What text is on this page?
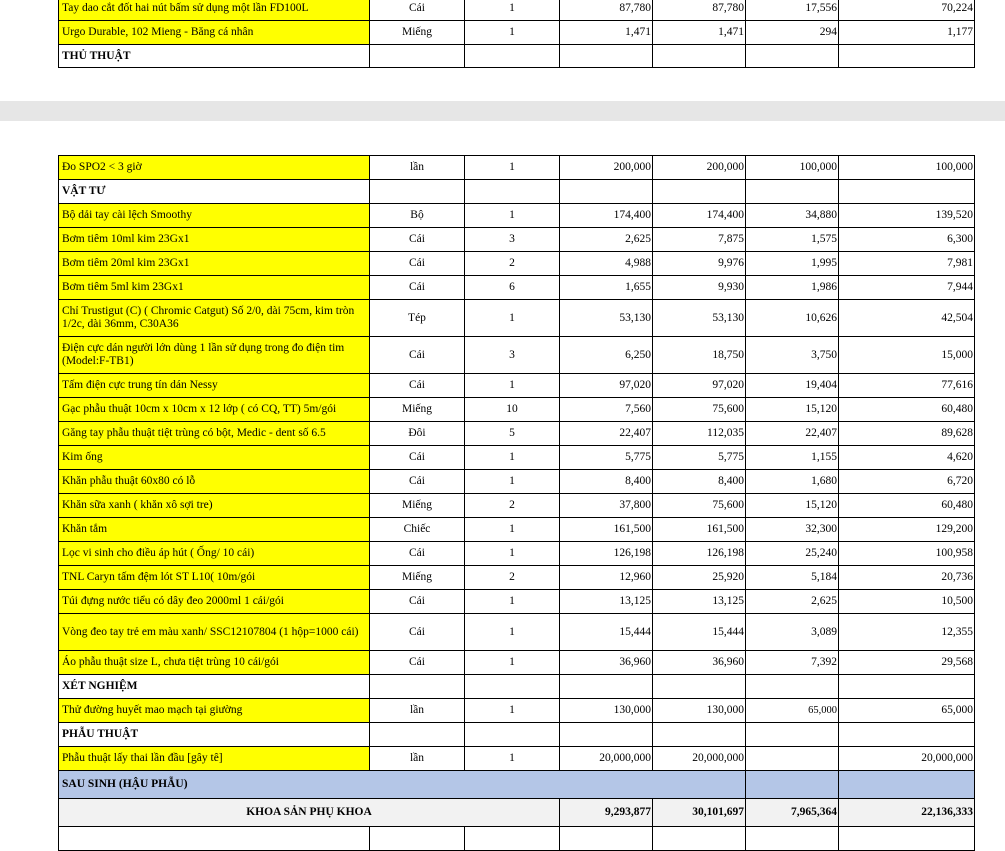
Tay dao cắt đốt hai nút bấm sử dụng một lần FD100L	Cái	1	87,780	87,780	17,556	70,224
Urgo Durable, 102 Mieng - Băng cá nhân	Miếng	1	1,471	1,471	294	1,177
THỦ THUẬT						
Đo SPO2 < 3 giờ	lần	1	200,000	200,000	100,000	100,000
VẬT TƯ						
Bộ dải tay cài lệch Smoothy	Bộ	1	174,400	174,400	34,880	139,520
Bơm tiêm 10ml kim 23Gx1	Cái	3	2,625	7,875	1,575	6,300
Bơm tiêm 20ml kim 23Gx1	Cái	2	4,988	9,976	1,995	7,981
Bơm tiêm 5ml kim 23Gx1	Cái	6	1,655	9,930	1,986	7,944
Chỉ Trustigut (C) ( Chromic Catgut) Số 2/0, dài 75cm, kim tròn 1/2c, dài 36mm, C30A36	Tép	1	53,130	53,130	10,626	42,504
Điện cực dán người lớn dùng 1 lần sử dụng trong đo điện tim (Model:F-TB1)	Cái	3	6,250	18,750	3,750	15,000
Tấm điện cực trung tín dán Nessy	Cái	1	97,020	97,020	19,404	77,616
Gạc phẫu thuật 10cm x 10cm x 12 lớp ( có CQ, TT) 5m/gói	Miếng	10	7,560	75,600	15,120	60,480
Găng tay phẫu thuật tiệt trùng có bột, Medic - dent số 6.5	Đôi	5	22,407	112,035	22,407	89,628
Kim ống	Cái	1	5,775	5,775	1,155	4,620
Khăn phẫu thuật 60x80 có lỗ	Cái	1	8,400	8,400	1,680	6,720
Khăn sữa xanh ( khăn xô sợi tre)	Miếng	2	37,800	75,600	15,120	60,480
Khăn tắm	Chiếc	1	161,500	161,500	32,300	129,200
Lọc vi sinh cho điều áp hút ( Ống/ 10 cái)	Cái	1	126,198	126,198	25,240	100,958
TNL Caryn tấm đệm lót ST L10( 10m/gói	Miếng	2	12,960	25,920	5,184	20,736
Túi đựng nước tiểu có dây đeo 2000ml 1 cái/gói	Cái	1	13,125	13,125	2,625	10,500
Vòng đeo tay trẻ em màu xanh/ SSC12107804 (1 hộp=1000 cái)	Cái	1	15,444	15,444	3,089	12,355
Áo phẫu thuật size L, chưa tiệt trùng 10 cái/gói	Cái	1	36,960	36,960	7,392	29,568
XÉT NGHIỆM						
Thử đường huyết mao mạch tại giường	lần	1	130,000	130,000	65,000	65,000
PHẪU THUẬT						
Phẫu thuật lấy thai lần đầu [gây tê]	lần	1	20,000,000	20,000,000		20,000,000
SAU SINH (HẬU PHẪU)						
KHOA SẢN PHỤ KHOA			9,293,877	30,101,697	7,965,364	22,136,333
